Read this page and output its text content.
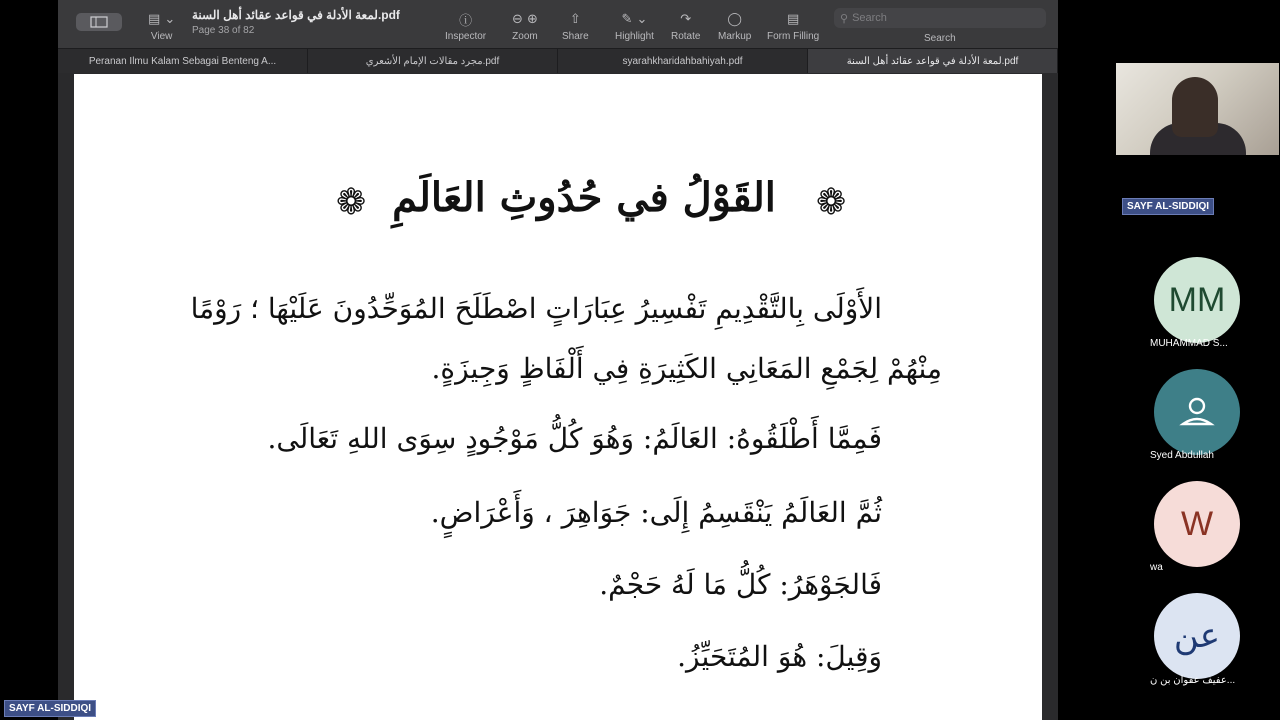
▤ ⌄
View
لمعة الأدلة في قواعد عقائد أهل السنة.pdf
Page 38 of 82
ⓘ
Inspector
⊖ ⊕
Zoom
⇧
Share
✎ ⌄
Highlight
↷
Rotate
◯
Markup
▤
Form Filling
⚲ Search
Search
Peranan Ilmu Kalam Sebagai Benteng A...	مجرد مقالات الإمام الأشعري.pdf	syarahkharidahbahiyah.pdf	لمعة الأدلة في قواعد عقائد أهل السنة.pdf
❁	❁
القَوْلُ في حُدُوثِ العَالَمِ
الأَوْلَى بِالتَّقْدِيمِ تَفْسِيرُ عِبَارَاتٍ اصْطَلَحَ المُوَحِّدُونَ عَلَيْهَا ؛ رَوْمًا
مِنْهُمْ لِجَمْعِ المَعَانِي الكَثِيرَةِ فِي أَلْفَاظٍ وَجِيزَةٍ.
فَمِمَّا أَطْلَقُوهُ: العَالَمُ: وَهُوَ كُلُّ مَوْجُودٍ سِوَى اللهِ تَعَالَى.
ثُمَّ العَالَمُ يَنْقَسِمُ إِلَى: جَوَاهِرَ ، وَأَعْرَاضٍ.
فَالجَوْهَرُ: كُلُّ مَا لَهُ حَجْمٌ.
وَقِيلَ: هُوَ المُتَحَيِّزُ.
SAYF AL-SIDDIQI
MM
MUHAMMAD S...
Syed Abdullah
W
wa
عن
عفيف عفوان بن ن...
SAYF AL-SIDDIQI
